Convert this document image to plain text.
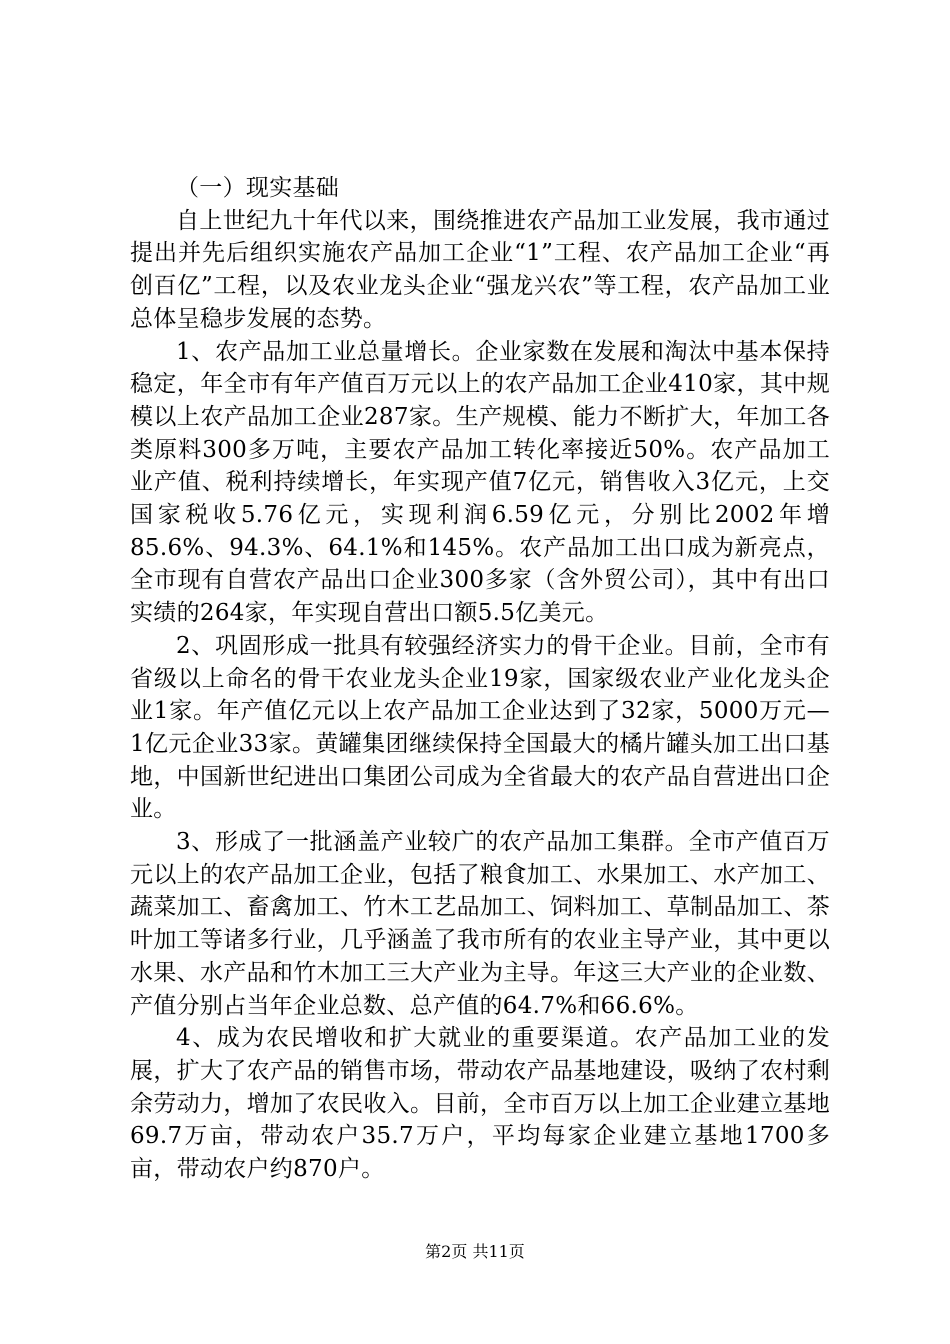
（一）现实基础

自上世纪九十年代以来，围绕推进农产品加工业发展，我市通过提出并先后组织实施农产品加工企业“1”工程、农产品加工企业“再创百亿”工程，以及农业龙头企业“强龙兴农”等工程，农产品加工业总体呈稳步发展的态势。

1、农产品加工业总量增长。企业家数在发展和淘汰中基本保持稳定，年全市有年产值百万元以上的农产品加工企业410家，其中规模以上农产品加工企业287家。生产规模、能力不断扩大，年加工各类原料300多万吨，主要农产品加工转化率接近50%。农产品加工业产值、税利持续增长，年实现产值7亿元，销售收入3亿元，上交国家税收5.76亿元，实现利润6.59亿元，分别比2002年增85.6%、94.3%、64.1%和145%。农产品加工出口成为新亮点，全市现有自营农产品出口企业300多家（含外贸公司），其中有出口实绩的264家，年实现自营出口额5.5亿美元。

2、巩固形成一批具有较强经济实力的骨干企业。目前，全市有省级以上命名的骨干农业龙头企业19家，国家级农业产业化龙头企业1家。年产值亿元以上农产品加工企业达到了32家，5000万元—1亿元企业33家。黄罐集团继续保持全国最大的橘片罐头加工出口基地，中国新世纪进出口集团公司成为全省最大的农产品自营进出口企业。

3、形成了一批涵盖产业较广的农产品加工集群。全市产值百万元以上的农产品加工企业，包括了粮食加工、水果加工、水产加工、蔬菜加工、畜禽加工、竹木工艺品加工、饲料加工、草制品加工、茶叶加工等诸多行业，几乎涵盖了我市所有的农业主导产业，其中更以水果、水产品和竹木加工三大产业为主导。年这三大产业的企业数、产值分别占当年企业总数、总产值的64.7%和66.6%。

4、成为农民增收和扩大就业的重要渠道。农产品加工业的发展，扩大了农产品的销售市场，带动农产品基地建设，吸纳了农村剩余劳动力，增加了农民收入。目前，全市百万以上加工企业建立基地69.7万亩，带动农户35.7万户，平均每家企业建立基地1700多亩，带动农户约870户。

第2页 共11页
